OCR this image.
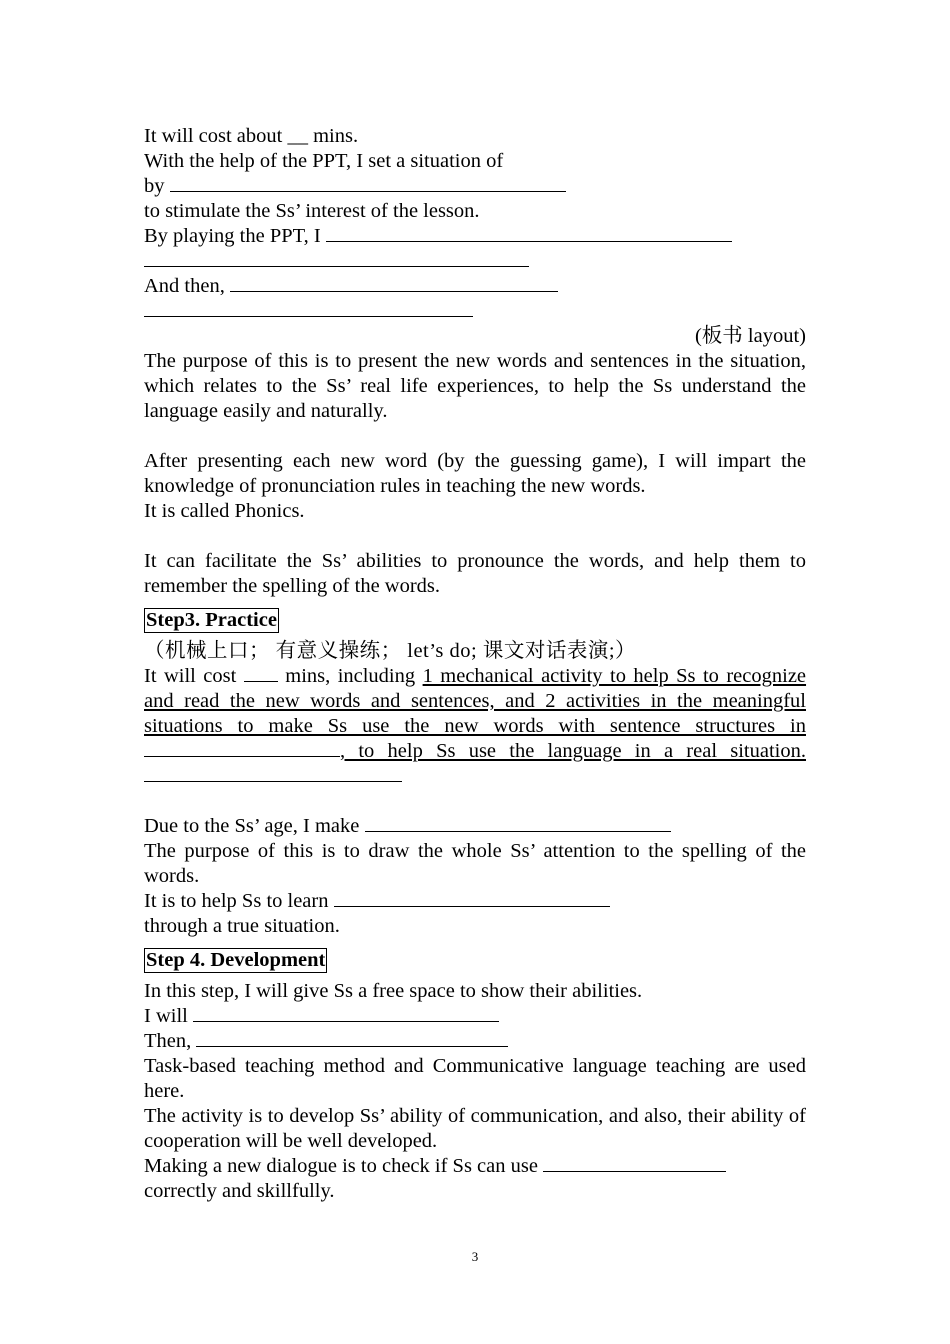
It will cost about __ mins.
With the help of the PPT, I set a situation of
by
to stimulate the Ss’ interest of the lesson.
By playing the PPT, I
And then,
(板书 layout)
The purpose of this is to present the new words and sentences in the situation, which relates to the Ss’ real life experiences, to help the Ss understand the language easily and naturally.
After presenting each new word (by the guessing game), I will impart the knowledge of pronunciation rules in teaching the new words.
It is called Phonics.
It can facilitate the Ss’ abilities to pronounce the words, and help them to remember the spelling of the words.
Step3. Practice
（机械上口； 有意义操练； let’s do; 课文对话表演;）
It will cost mins, including 1 mechanical activity to help Ss to recognize and read the new words and sentences, and 2 activities in the meaningful situations to make Ss use the new words with sentence structures in, to help Ss use the language in a real situation.
Due to the Ss’ age, I make
The purpose of this is to draw the whole Ss’ attention to the spelling of the words.
It is to help Ss to learn
through a true situation.
Step 4. Development
In this step, I will give Ss a free space to show their abilities.
I will
Then,
Task-based teaching method and Communicative language teaching are used here.
The activity is to develop Ss’ ability of communication, and also, their ability of cooperation will be well developed.
Making a new dialogue is to check if Ss can use
correctly and skillfully.
3
